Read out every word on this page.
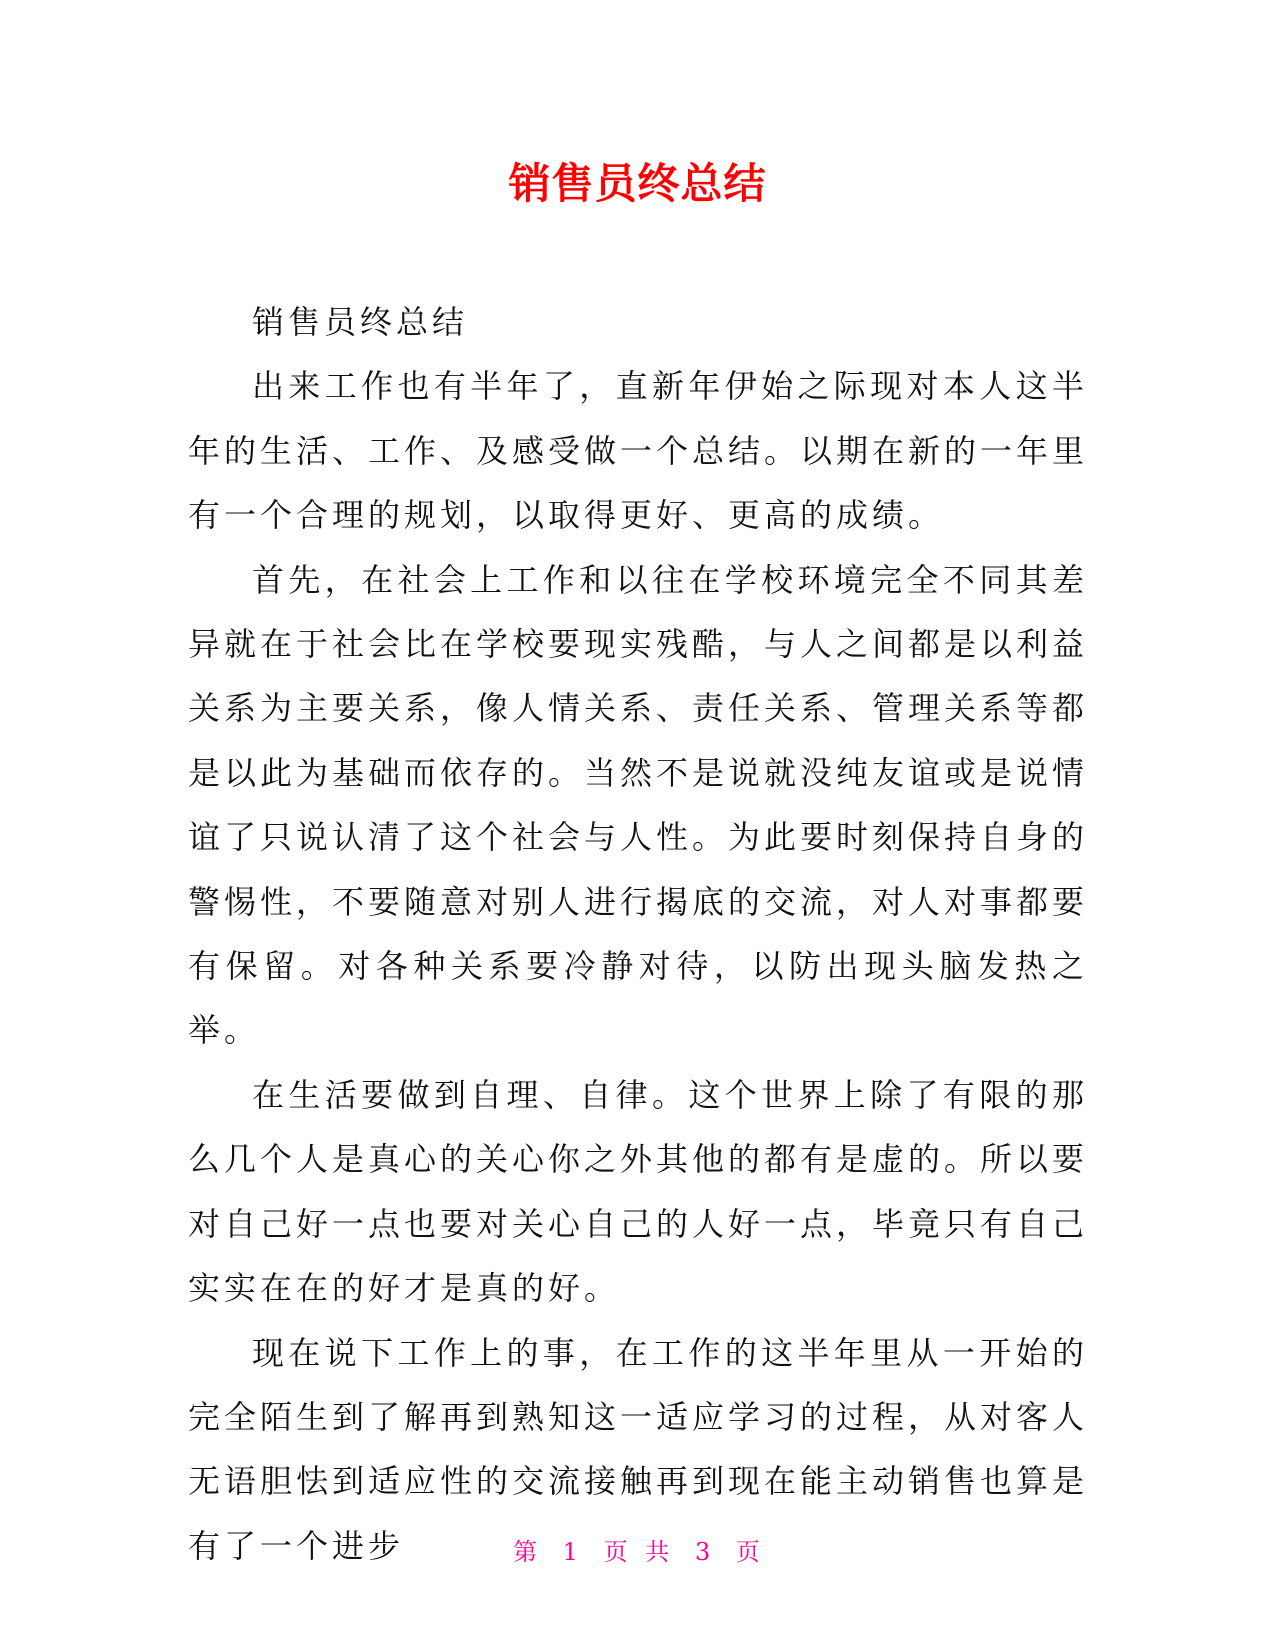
销售员终总结

销售员终总结

出来工作也有半年了，直新年伊始之际现对本人这半年的生活、工作、及感受做一个总结。以期在新的一年里有一个合理的规划，以取得更好、更高的成绩。

首先，在社会上工作和以往在学校环境完全不同其差异就在于社会比在学校要现实残酷，与人之间都是以利益关系为主要关系，像人情关系、责任关系、管理关系等都是以此为基础而依存的。当然不是说就没纯友谊或是说情谊了只说认清了这个社会与人性。为此要时刻保持自身的警惕性，不要随意对别人进行揭底的交流，对人对事都要有保留。对各种关系要冷静对待，以防出现头脑发热之举。

在生活要做到自理、自律。这个世界上除了有限的那么几个人是真心的关心你之外其他的都有是虚的。所以要对自己好一点也要对关心自己的人好一点，毕竟只有自己实实在在的好才是真的好。

现在说下工作上的事，在工作的这半年里从一开始的完全陌生到了解再到熟知这一适应学习的过程，从对客人无语胆怯到适应性的交流接触再到现在能主动销售也算是有了一个进步	第 1 页 共 3 页
